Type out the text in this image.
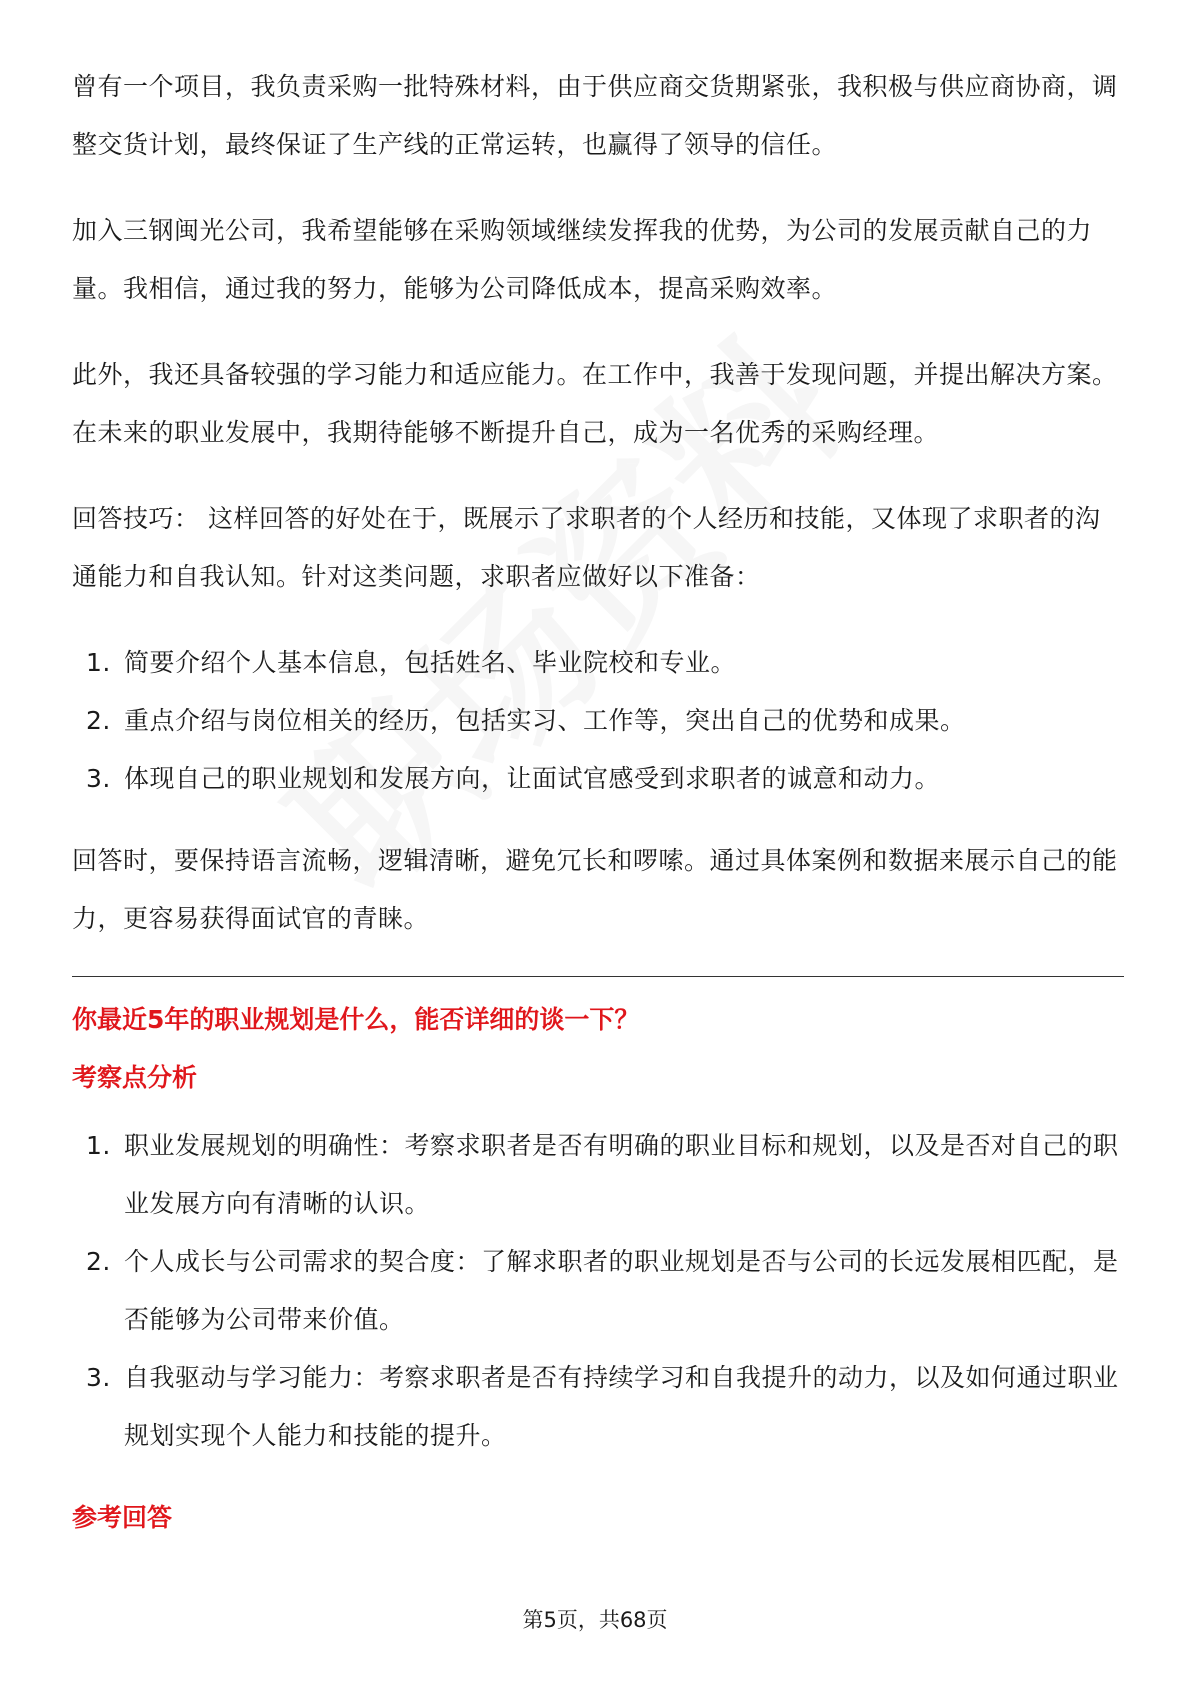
曾有一个项目，我负责采购一批特殊材料，由于供应商交货期紧张，我积极与供应商协商，调整交货计划，最终保证了生产线的正常运转，也赢得了领导的信任。

加入三钢闽光公司，我希望能够在采购领域继续发挥我的优势，为公司的发展贡献自己的力量。我相信，通过我的努力，能够为公司降低成本，提高采购效率。

此外，我还具备较强的学习能力和适应能力。在工作中，我善于发现问题，并提出解决方案。在未来的职业发展中，我期待能够不断提升自己，成为一名优秀的采购经理。

回答技巧： 这样回答的好处在于，既展示了求职者的个人经历和技能，又体现了求职者的沟通能力和自我认知。针对这类问题，求职者应做好以下准备：

1. 简要介绍个人基本信息，包括姓名、毕业院校和专业。
2. 重点介绍与岗位相关的经历，包括实习、工作等，突出自己的优势和成果。
3. 体现自己的职业规划和发展方向，让面试官感受到求职者的诚意和动力。

回答时，要保持语言流畅，逻辑清晰，避免冗长和啰嗦。通过具体案例和数据来展示自己的能力，更容易获得面试官的青睐。

你最近5年的职业规划是什么，能否详细的谈一下？
考察点分析
1. 职业发展规划的明确性：考察求职者是否有明确的职业目标和规划，以及是否对自己的职业发展方向有清晰的认识。
2. 个人成长与公司需求的契合度：了解求职者的职业规划是否与公司的长远发展相匹配，是否能够为公司带来价值。
3. 自我驱动与学习能力：考察求职者是否有持续学习和自我提升的动力，以及如何通过职业规划实现个人能力和技能的提升。
参考回答
第5页，共68页
